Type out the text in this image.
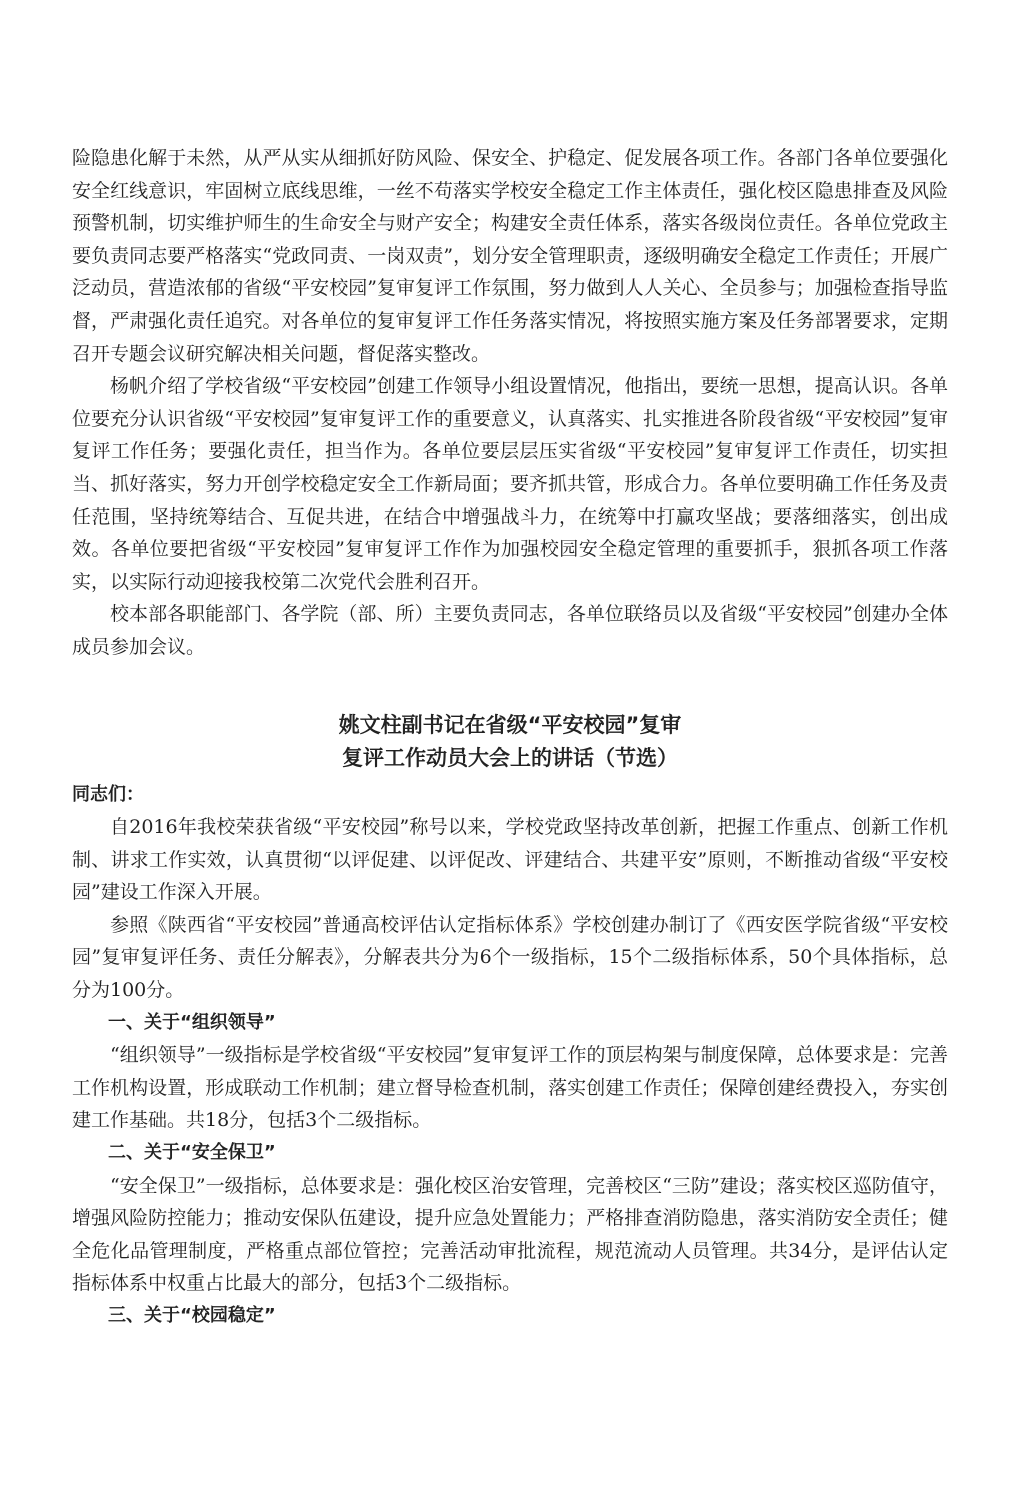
险隐患化解于未然，从严从实从细抓好防风险、保安全、护稳定、促发展各项工作。各部门各单位要强化安全红线意识，牢固树立底线思维，一丝不苟落实学校安全稳定工作主体责任，强化校区隐患排查及风险预警机制，切实维护师生的生命安全与财产安全；构建安全责任体系，落实各级岗位责任。各单位党政主要负责同志要严格落实“党政同责、一岗双责”，划分安全管理职责，逐级明确安全稳定工作责任；开展广泛动员，营造浓郁的省级“平安校园”复审复评工作氛围，努力做到人人关心、全员参与；加强检查指导监督，严肃强化责任追究。对各单位的复审复评工作任务落实情况，将按照实施方案及任务部署要求，定期召开专题会议研究解决相关问题，督促落实整改。

杨帆介绍了学校省级“平安校园”创建工作领导小组设置情况，他指出，要统一思想，提高认识。各单位要充分认识省级“平安校园”复审复评工作的重要意义，认真落实、扎实推进各阶段省级“平安校园”复审复评工作任务；要强化责任，担当作为。各单位要层层压实省级“平安校园”复审复评工作责任，切实担当、抓好落实，努力开创学校稳定安全工作新局面；要齐抓共管，形成合力。各单位要明确工作任务及责任范围，坚持统筹结合、互促共进，在结合中增强战斗力，在统筹中打赢攻坚战；要落细落实，创出成效。各单位要把省级“平安校园”复审复评工作作为加强校园安全稳定管理的重要抓手，狠抓各项工作落实，以实际行动迎接我校第二次党代会胜利召开。

校本部各职能部门、各学院（部、所）主要负责同志，各单位联络员以及省级“平安校园”创建办全体成员参加会议。

姚文柱副书记在省级“平安校园”复审
复评工作动员大会上的讲话（节选）

同志们：

自2016年我校荣获省级“平安校园”称号以来，学校党政坚持改革创新，把握工作重点、创新工作机制、讲求工作实效，认真贯彻“以评促建、以评促改、评建结合、共建平安”原则，不断推动省级“平安校园”建设工作深入开展。

参照《陕西省“平安校园”普通高校评估认定指标体系》学校创建办制订了《西安医学院省级“平安校园”复审复评任务、责任分解表》，分解表共分为6个一级指标，15个二级指标体系，50个具体指标，总分为100分。

一、关于“组织领导”

“组织领导”一级指标是学校省级“平安校园”复审复评工作的顶层构架与制度保障，总体要求是：完善工作机构设置，形成联动工作机制；建立督导检查机制，落实创建工作责任；保障创建经费投入，夯实创建工作基础。共18分，包括3个二级指标。

二、关于“安全保卫”

“安全保卫”一级指标，总体要求是：强化校区治安管理，完善校区“三防”建设；落实校区巡防值守，增强风险防控能力；推动安保队伍建设，提升应急处置能力；严格排查消防隐患，落实消防安全责任；健全危化品管理制度，严格重点部位管控；完善活动审批流程，规范流动人员管理。共34分，是评估认定指标体系中权重占比最大的部分，包括3个二级指标。

三、关于“校园稳定”
